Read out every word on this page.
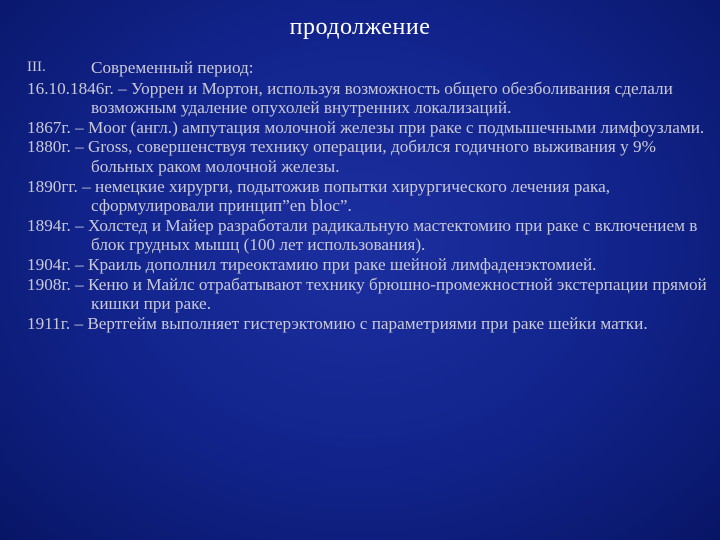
продолжение
III.	Современный период:
16.10.1846г. – Уоррен и Мортон, используя возможность общего обезболивания сделали возможным удаление опухолей внутренних локализаций.
1867г. – Moor (англ.) ампутация молочной железы при раке с подмышечными лимфоузлами.
1880г. – Gross, совершенствуя технику операции, добился годичного выживания у 9% больных раком молочной железы.
1890гг. – немецкие хирурги, подытожив попытки хирургического лечения рака, сформулировали принцип”en bloc”.
1894г. – Холстед и Майер разработали радикальную мастектомию при раке с включением в блок грудных мышц (100 лет использования).
1904г. – Краиль дополнил тиреоктамию при раке шейной лимфаденэктомией.
1908г. – Кеню и Майлс отрабатывают технику брюшно-промежностной экстерпации прямой кишки при раке.
1911г. – Вертгейм выполняет гистерэктомию с параметриями при раке шейки матки.
